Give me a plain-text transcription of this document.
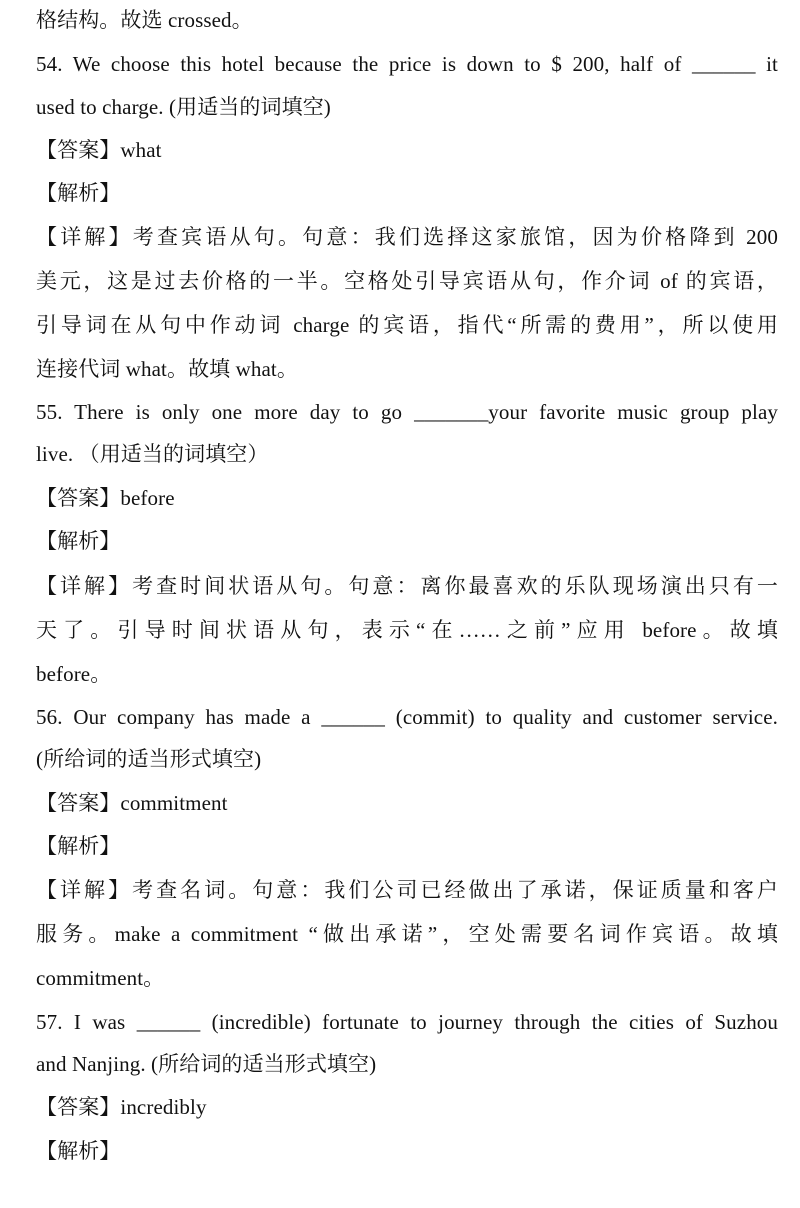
格结构。故选 crossed。
54. We choose this hotel because the price is down to $ 200, half of ______ it
used to charge. (用适当的词填空)
【答案】what
【解析】
【详解】考查宾语从句。句意：我们选择这家旅馆，因为价格降到 200
美元，这是过去价格的一半。空格处引导宾语从句，作介词 of 的宾语，
引导词在从句中作动词 charge 的宾语，指代“所需的费用”，所以使用
连接代词 what。故填 what。
55. There is only one more day to go _______your favorite music group play
live. （用适当的词填空）
【答案】before
【解析】
【详解】考查时间状语从句。句意：离你最喜欢的乐队现场演出只有一
天了。引导时间状语从句，表示“在……之前”应用 before。故填
before。
56. Our company has made a ______ (commit) to quality and customer service.
(所给词的适当形式填空)
【答案】commitment
【解析】
【详解】考查名词。句意：我们公司已经做出了承诺，保证质量和客户
服务。make a commitment “做出承诺”，空处需要名词作宾语。故填
commitment。
57. I was ______ (incredible) fortunate to journey through the cities of Suzhou
and Nanjing. (所给词的适当形式填空)
【答案】incredibly
【解析】
